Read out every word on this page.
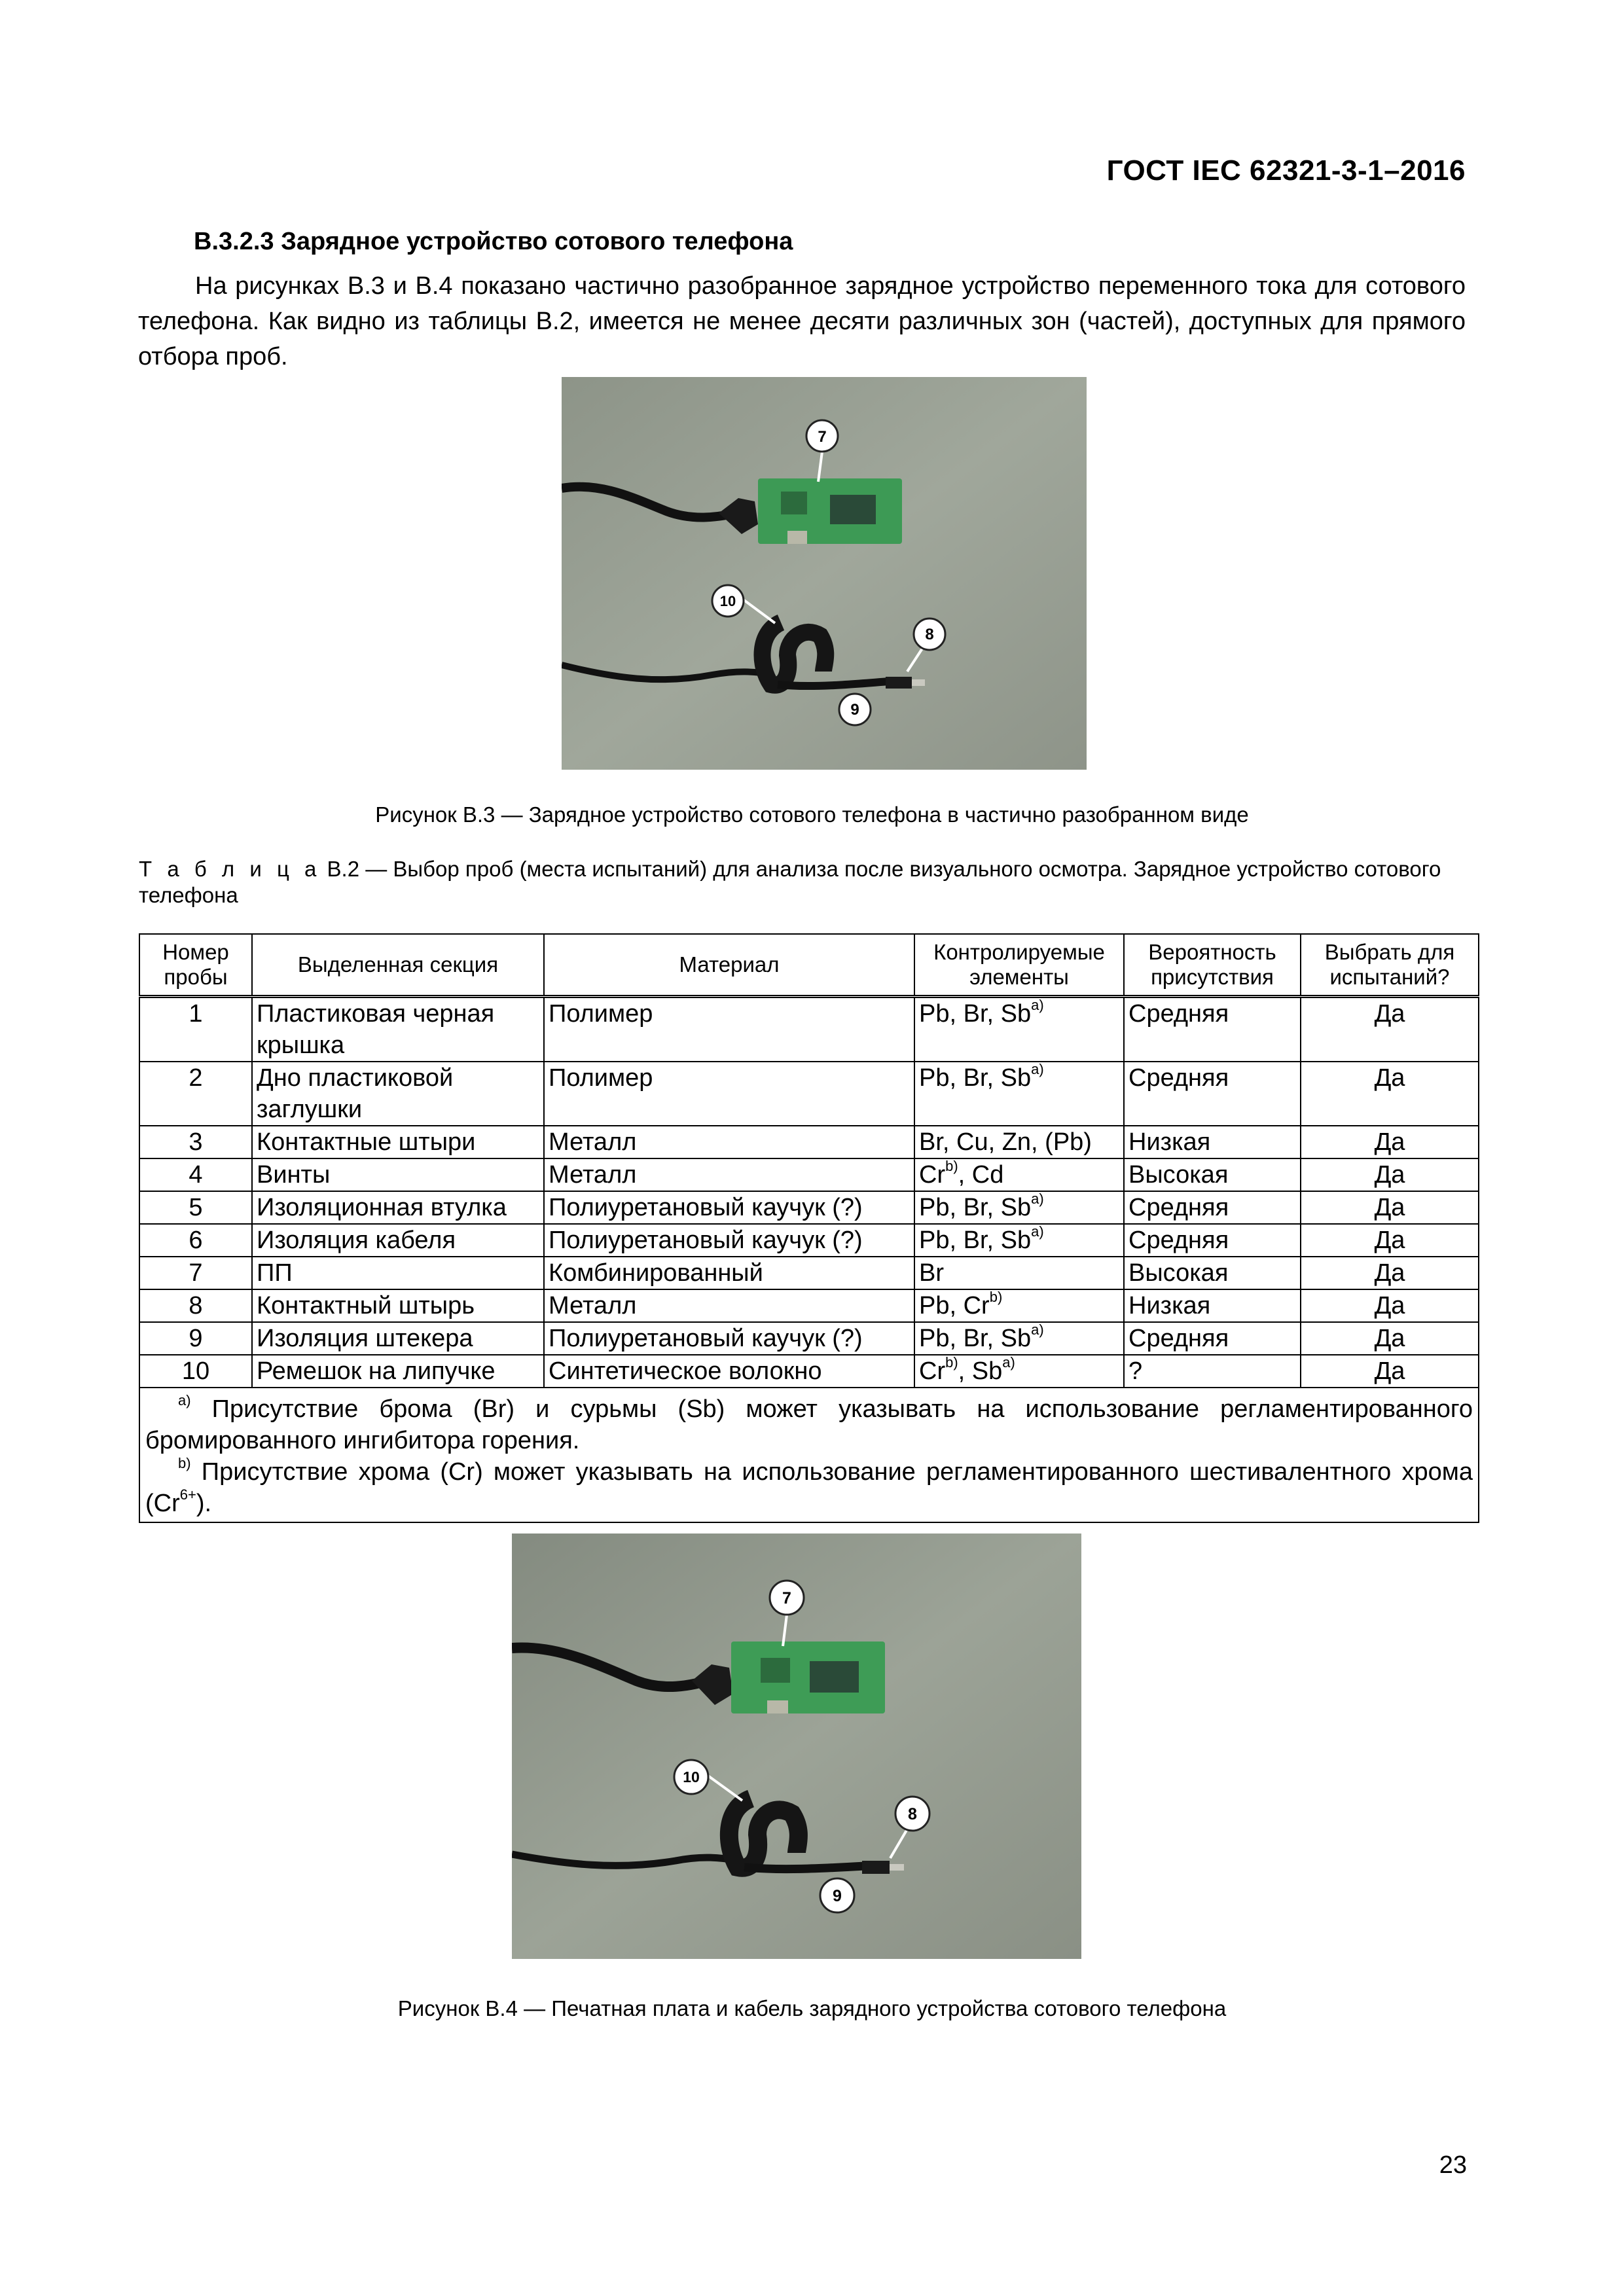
ГОСТ IEC 62321-3-1–2016
В.3.2.3 Зарядное устройство сотового телефона

На рисунках В.3 и В.4 показано частично разобранное зарядное устройство переменного тока для сотового телефона. Как видно из таблицы В.2, имеется не менее десяти различных зон (частей), доступных для прямого отбора проб.

7
10
8
9
Рисунок В.3 — Зарядное устройство сотового телефона в частично разобранном виде

Т а б л и ц а В.2 — Выбор проб (места испытаний) для анализа после визуального осмотра. Зарядное устройство сотового телефона

Номер пробы	Выделенная секция	Материал	Контролируемые элементы	Вероятность присутствия	Выбрать для испытаний?
1	Пластиковая черная крышка	Полимер	Pb, Br, $Sb^{а)}$	Средняя	Да
2	Дно пластиковой заглушки	Полимер	Pb, Br, $Sb^{а)}$	Средняя	Да
3	Контактные штыри	Металл	Br, Cu, Zn, (Pb)	Низкая	Да
4	Винты	Металл	Cr$^{b)}$, Cd	Высокая	Да
5	Изоляционная втулка	Полиуретановый каучук (?)	Pb, Br, $Sb^{а)}$	Средняя	Да
6	Изоляция кабеля	Полиуретановый каучук (?)	Pb, Br, $Sb^{а)}$	Средняя	Да
7	ПП	Комбинированный	Br	Высокая	Да
8	Контактный штырь	Металл	Pb, Cr$^{b)}$	Низкая	Да
9	Изоляция штекера	Полиуретановый каучук (?)	Pb, Br, $Sb^{а)}$	Средняя	Да
10	Ремешок на липучке	Синтетическое волокно	Cr$^{b)}$, $Sb^{а)}$	?	Да

$^{а)}$ Присутствие брома (Br) и сурьмы (Sb) может указывать на использование регламентированного бромированного ингибитора горения.

$^{b)}$ Присутствие хрома (Cr) может указывать на использование регламентированного шестивалентного хрома $(Cr^{6+})$.					

7
10
8
9
Рисунок В.4 — Печатная плата и кабель зарядного устройства сотового телефона
23
